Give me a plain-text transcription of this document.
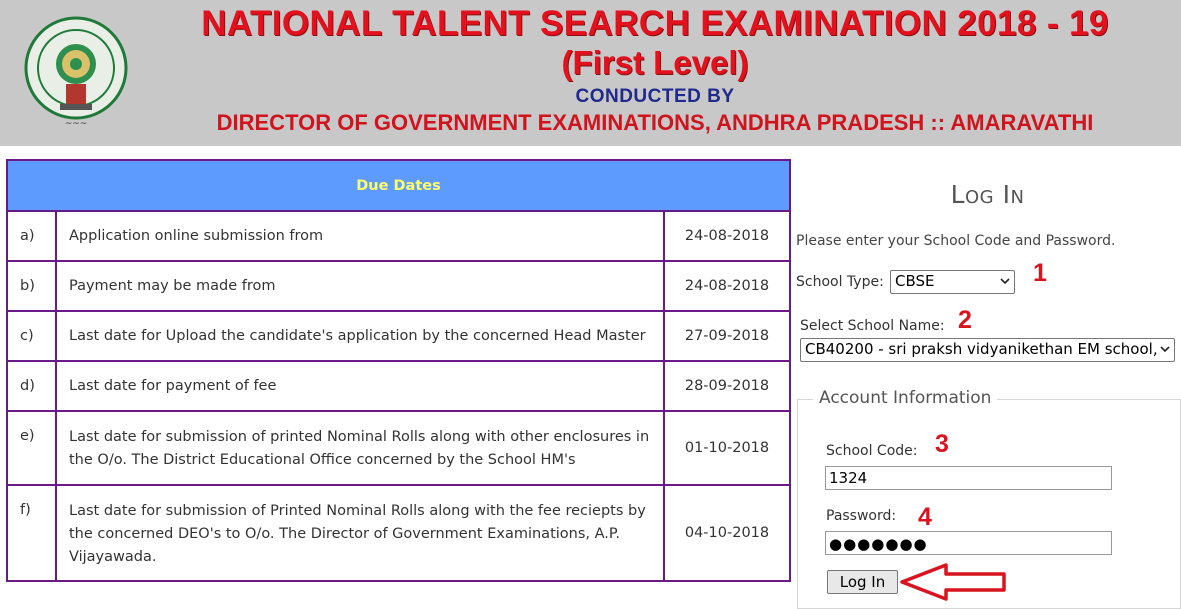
~~~
NATIONAL TALENT SEARCH EXAMINATION 2018 - 19
(First Level)
CONDUCTED BY
DIRECTOR OF GOVERNMENT EXAMINATIONS, ANDHRA PRADESH :: AMARAVATHI
Due Dates		
a)	Application online submission from	24-08-2018
b)	Payment may be made from	24-08-2018
c)	Last date for Upload the candidate's application by the concerned Head Master	27-09-2018
d)	Last date for payment of fee	28-09-2018
e)	Last date for submission of printed Nominal Rolls along with other enclosures in the O/o. The District Educational Office concerned by the School HM's	01-10-2018
f)	Last date for submission of Printed Nominal Rolls along with the fee reciepts by the concerned DEO's to O/o. The Director of Government Examinations, A.P. Vijayawada.	04-10-2018
Log In
Please enter your School Code and Password.
School Type: CBSE	1
Select School Name:
CB40200 - sri praksh vidyanikethan EM school,
2
Account Information
School Code: 3
1324
Password: 4
●●●●●●●
Log In
